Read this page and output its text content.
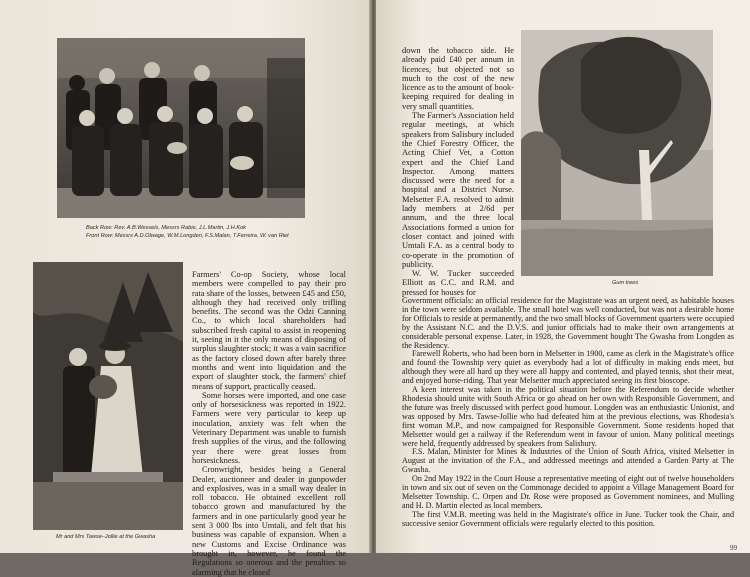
Back Row: Rev. A.B.Wessels, Messrs Rabie, J.L.Martin, J.H.Kok

Front Row: Messrs A.D.Olwage, W.M.Longden, F.S.Malan, T.Ferreira, W. van Riet

Mr and Mrs Tawse–Jollie at the Gwasha

Farmers' Co-op Society, whose local members were compelled to pay their pro rata share of the losses, between £45 and £50, although they had received only trifling benefits. The second was the Odzi Canning Co., to which local shareholders had subscribed fresh capital to assist in reopening it, seeing in it the only means of disposing of surplus slaughter stock; it was a vain sacrifice as the factory closed down after barely three months and went into liquidation and the export of slaughter stock, the farmers' chief means of support, practically ceased.

Some horses were imported, and one case only of horsesickness was reported in 1922. Farmers were very particular to keep up inoculation, anxiety was felt when the Veterinary Department was unable to furnish fresh supplies of the virus, and the following year there were great losses from horsesickness.

Cronwright, besides being a General Dealer, auctioneer and dealer in gunpowder and explosives, was in a small way dealer in roll tobacco. He obtained excellent roll tobacco grown and manufactured by the farmers and in one particularly good year he sent 3 000 lbs into Umtali, and felt that his business was capable of expansion. When a new Customs and Excise Ordinance was brought in, however, he found the Regulations so onerous and the penalties so alarming that he closed

down the tobacco side. He already paid £40 per annum in licences, but objected not so much to the cost of the new licence as to the amount of book-keeping required for dealing in very small quantities.

The Farmer's Association held regular meetings, at which speakers from Salisbury included the Chief Forestry Officer, the Acting Chief Vet, a Cotton expert and the Chief Land Inspector. Among matters discussed were the need for a hospital and a District Nurse. Melsetter F.A. resolved to admit lady members at 2/6d per annum, and the three local Associations formed a union for closer contact and joined with Umtali F.A. as a central body to co-operate in the promotion of publicity.

W. W. Tucker succeeded Elliott as C.C. and R.M. and pressed for houses for

Gum trees

Government officials: an official residence for the Magistrate was an urgent need, as habitable houses in the town were seldom available. The small hotel was well conducted, but was not a desirable home for Officials to reside at permanently, and the two small blocks of Government quarters were occupied by the Assistant N.C. and the D.V.S. and junior officials had to make their own arrangements at considerable personal expense. Later, in 1928, the Government bought The Gwasha from Longden as the Residency.

Farewell Roberts, who had been born in Melsetter in 1900, came as clerk in the Magistrate's office and found the Township very quiet as everybody had a lot of difficulty in making ends meet, but although they were all hard up they were all happy and contented, and played tennis, shot their meat, and enjoyed horse-riding. That year Melsetter much appreciated seeing its first bioscope.

A keen interest was taken in the political situation before the Referendum to decide whether Rhodesia should unite with South Africa or go ahead on her own with Responsible Government, and the future was freely discussed with perfect good humour. Longden was an enthusiastic Unionist, and was opposed by Mrs. Tawse-Jollie who had defeated him at the previous elections, was Rhodesia's first woman M.P., and now campaigned for Responsible Government. Some residents hoped that Melsetter would get a railway if the Referendum went in favour of union. Many political meetings were held, frequently addressed by speakers from Salisbury.

F.S. Malan, Minister for Mines & Industries of the Union of South Africa, visited Melsetter in August at the invitation of the F.A., and addressed meetings and attended a Garden Party at The Gwasha.

On 2nd May 1922 in the Court House a representative meeting of eight out of twelve householders in town and six out of seven on the Commonage decided to appoint a Village Management Board for Melsetter Township. C. Orpen and Dr. Rose were proposed as Government nominees, and Mulling and H. D. Martin elected as local members.

The first V.M.B. meeting was held in the Magistrate's office in June. Tucker took the Chair, and successive senior Government officials were regularly elected to this position.

99
